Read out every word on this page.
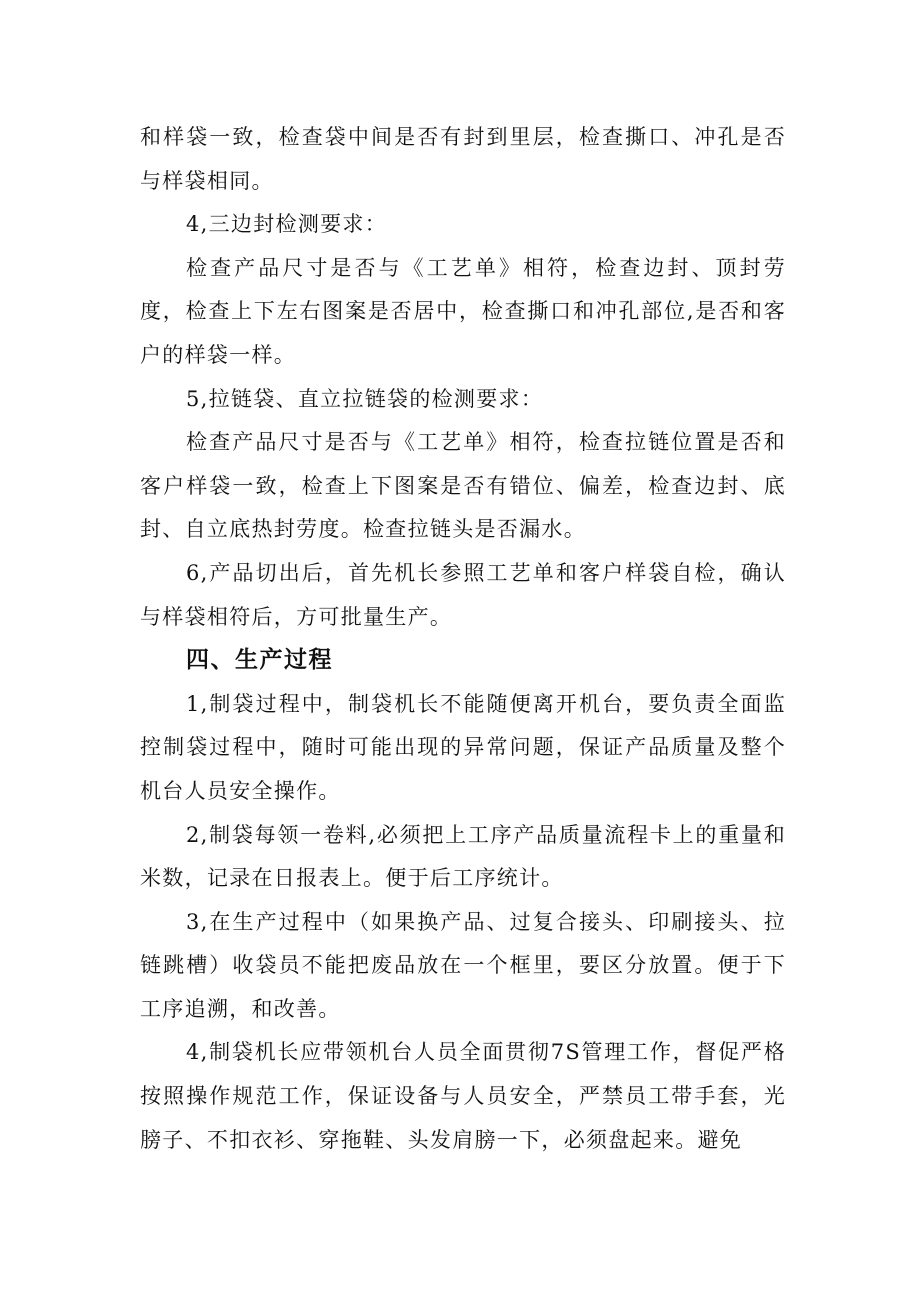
和样袋一致，检查袋中间是否有封到里层，检查撕口、冲孔是否与样袋相同。

4,三边封检测要求：

检查产品尺寸是否与《工艺单》相符，检查边封、顶封劳度，检查上下左右图案是否居中，检查撕口和冲孔部位,是否和客户的样袋一样。

5,拉链袋、直立拉链袋的检测要求：

检查产品尺寸是否与《工艺单》相符，检查拉链位置是否和客户样袋一致，检查上下图案是否有错位、偏差，检查边封、底封、自立底热封劳度。检查拉链头是否漏水。

6,产品切出后，首先机长参照工艺单和客户样袋自检，确认与样袋相符后，方可批量生产。

四、生产过程

1,制袋过程中，制袋机长不能随便离开机台，要负责全面监控制袋过程中，随时可能出现的异常问题，保证产品质量及整个机台人员安全操作。

2,制袋每领一卷料,必须把上工序产品质量流程卡上的重量和米数，记录在日报表上。便于后工序统计。

3,在生产过程中（如果换产品、过复合接头、印刷接头、拉链跳槽）收袋员不能把废品放在一个框里，要区分放置。便于下工序追溯，和改善。

4,制袋机长应带领机台人员全面贯彻7S管理工作，督促严格按照操作规范工作，保证设备与人员安全，严禁员工带手套，光膀子、不扣衣衫、穿拖鞋、头发肩膀一下，必须盘起来。避免
